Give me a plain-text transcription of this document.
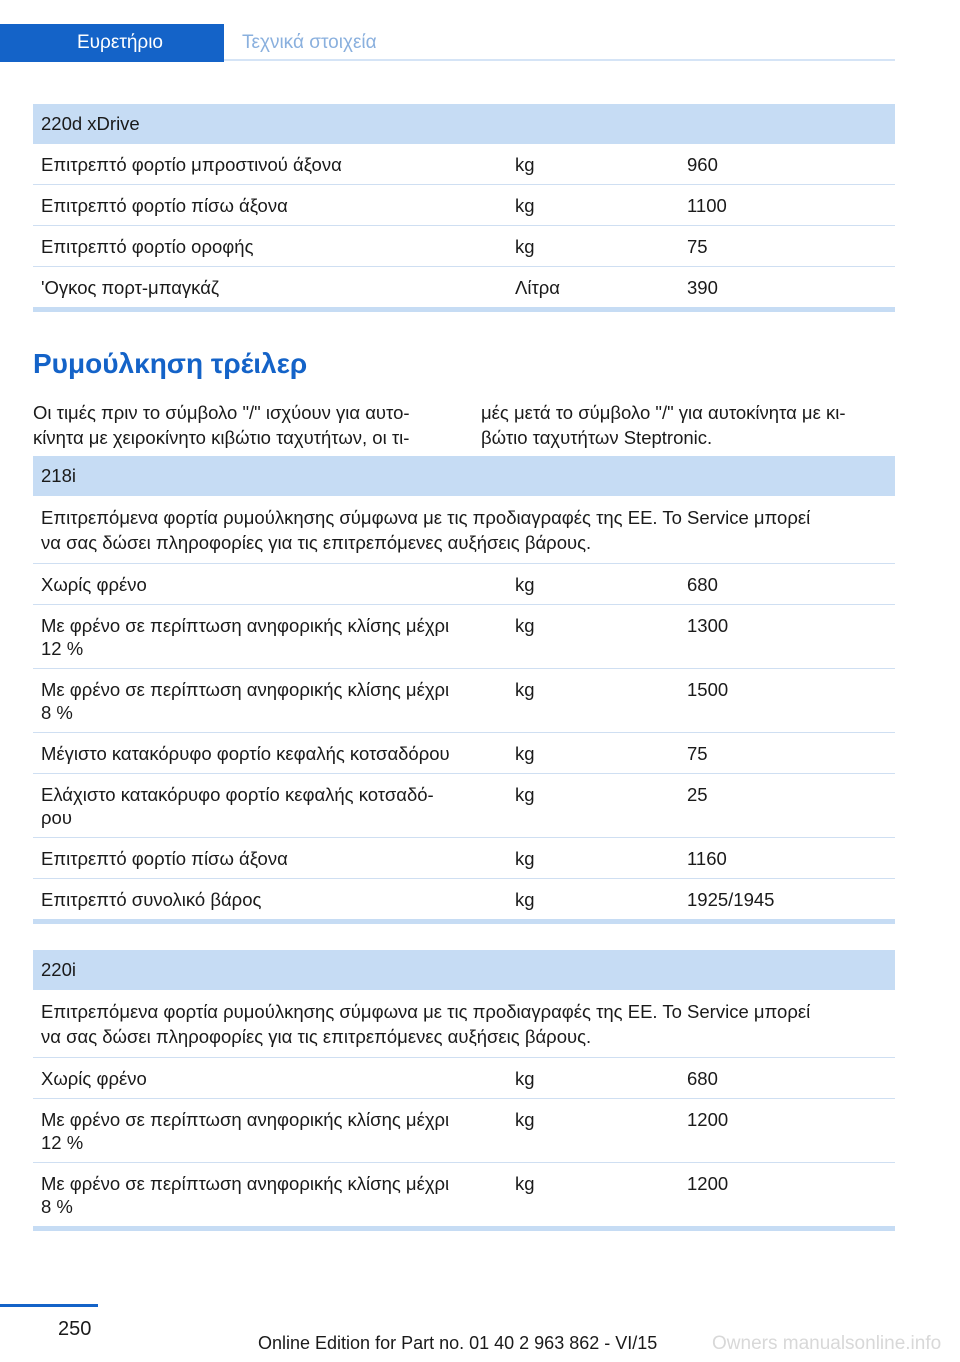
Ευρετήριο	Τεχνικά στοιχεία
220d xDrive
Επιτρεπτό φορτίο μπροστινού άξονα	kg	960
Επιτρεπτό φορτίο πίσω άξονα	kg	1100
Επιτρεπτό φορτίο οροφής	kg	75
'Ογκος πορτ-μπαγκάζ	Λίτρα	390
Ρυμούλκηση τρέιλερ
Οι τιμές πριν το σύμβολο "/" ισχύουν για αυτο-
κίνητα με χειροκίνητο κιβώτιο ταχυτήτων, οι τι-
μές μετά το σύμβολο "/" για αυτοκίνητα με κι-
βώτιο ταχυτήτων Steptronic.
218i
Επιτρεπόμενα φορτία ρυμούλκησης σύμφωνα με τις προδιαγραφές της ΕΕ. Το Service μπορεί
να σας δώσει πληροφορίες για τις επιτρεπόμενες αυξήσεις βάρους.
Χωρίς φρένο	kg	680
Με φρένο σε περίπτωση ανηφορικής κλίσης μέχρι
12 %
kg	1300
Με φρένο σε περίπτωση ανηφορικής κλίσης μέχρι
8 %
kg	1500
Μέγιστο κατακόρυφο φορτίο κεφαλής κοτσαδόρου	kg	75
Ελάχιστο κατακόρυφο φορτίο κεφαλής κοτσαδό-
ρου
kg	25
Επιτρεπτό φορτίο πίσω άξονα	kg	1160
Επιτρεπτό συνολικό βάρος	kg	1925/1945
220i
Επιτρεπόμενα φορτία ρυμούλκησης σύμφωνα με τις προδιαγραφές της ΕΕ. Το Service μπορεί
να σας δώσει πληροφορίες για τις επιτρεπόμενες αυξήσεις βάρους.
Χωρίς φρένο	kg	680
Με φρένο σε περίπτωση ανηφορικής κλίσης μέχρι
12 %
kg	1200
Με φρένο σε περίπτωση ανηφορικής κλίσης μέχρι
8 %
kg	1200
250
Online Edition for Part no. 01 40 2 963 862 - VI/15	Owners manualsonline.info
